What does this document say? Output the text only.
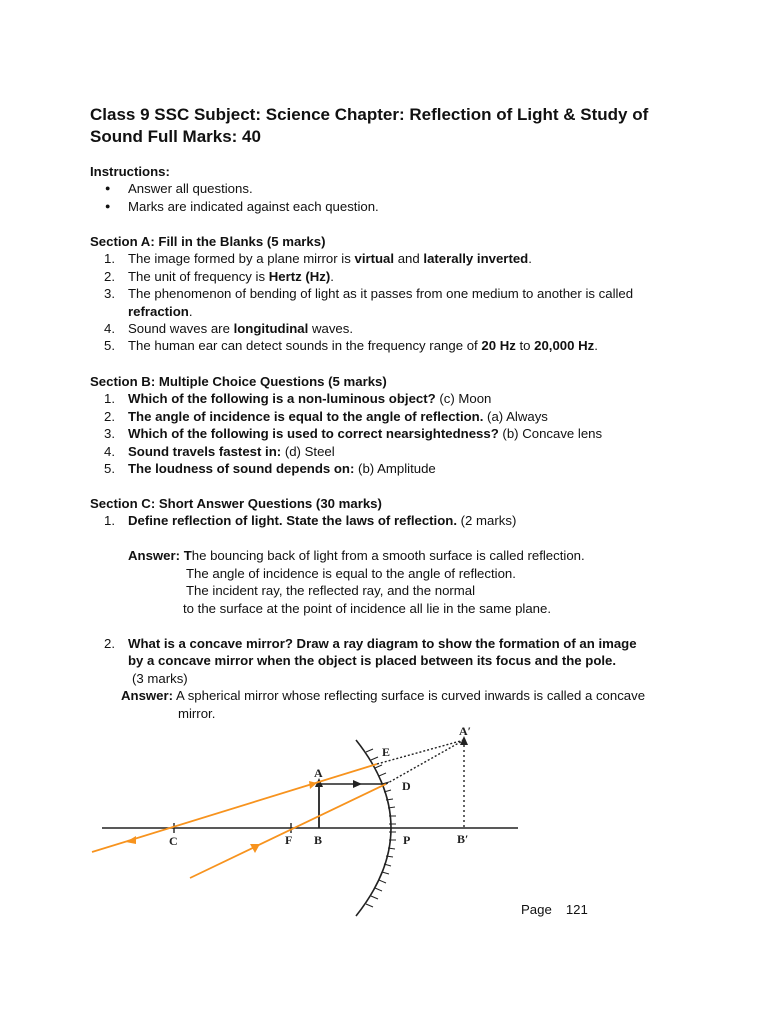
Class 9 SSC Subject: Science Chapter: Reflection of Light & Study of Sound Full Marks: 40
Instructions:
● Answer all questions.
● Marks are indicated against each question.
Section A: Fill in the Blanks (5 marks)
1. The image formed by a plane mirror is virtual and laterally inverted.
2. The unit of frequency is Hertz (Hz).
3. The phenomenon of bending of light as it passes from one medium to another is called
refraction.
4. Sound waves are longitudinal waves.
5. The human ear can detect sounds in the frequency range of 20 Hz to 20,000 Hz.
Section B: Multiple Choice Questions (5 marks)
1. Which of the following is a non-luminous object? (c) Moon
2. The angle of incidence is equal to the angle of reflection. (a) Always
3. Which of the following is used to correct nearsightedness? (b) Concave lens
4. Sound travels fastest in: (d) Steel
5. The loudness of sound depends on: (b) Amplitude
Section C: Short Answer Questions (30 marks)
1. Define reflection of light. State the laws of reflection. (2 marks)
Answer: The bouncing back of light from a smooth surface is called reflection.
The angle of incidence is equal to the angle of reflection.
The incident ray, the reflected ray, and the normal
to the surface at the point of incidence all lie in the same plane.
2. What is a concave mirror? Draw a ray diagram to show the formation of an image
by a concave mirror when the object is placed between its focus and the pole.
(3 marks)
Answer: A spherical mirror whose reflecting surface is curved inwards is called a concave
mirror.
A
B
C	F	P
D
E
A′
B′
Page 121
